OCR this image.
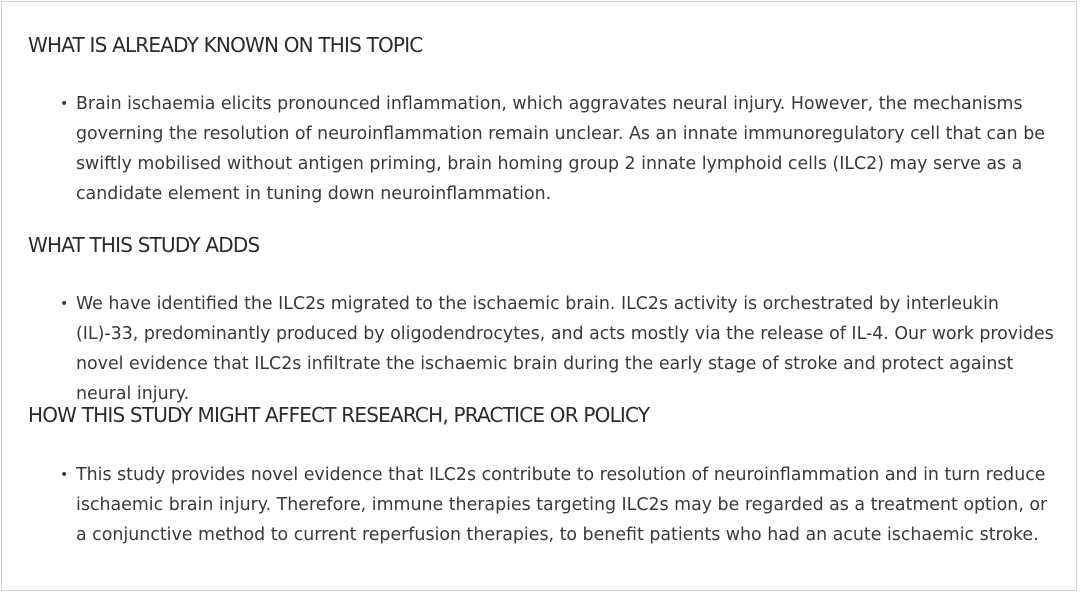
WHAT IS ALREADY KNOWN ON THIS TOPIC
• Brain ischaemia elicits pronounced inflammation, which aggravates neural injury. However, the mechanisms governing the resolution of neuroinflammation remain unclear. As an innate immunoregulatory cell that can be swiftly mobilised without antigen priming, brain homing group 2 innate lymphoid cells (ILC2) may serve as a candidate element in tuning down neuroinflammation.
WHAT THIS STUDY ADDS
• We have identified the ILC2s migrated to the ischaemic brain. ILC2s activity is orchestrated by interleukin (IL)-33, predominantly produced by oligodendrocytes, and acts mostly via the release of IL-4. Our work provides novel evidence that ILC2s infiltrate the ischaemic brain during the early stage of stroke and protect against neural injury.
HOW THIS STUDY MIGHT AFFECT RESEARCH, PRACTICE OR POLICY
• This study provides novel evidence that ILC2s contribute to resolution of neuroinflammation and in turn reduce ischaemic brain injury. Therefore, immune therapies targeting ILC2s may be regarded as a treatment option, or a conjunctive method to current reperfusion therapies, to benefit patients who had an acute ischaemic stroke.
